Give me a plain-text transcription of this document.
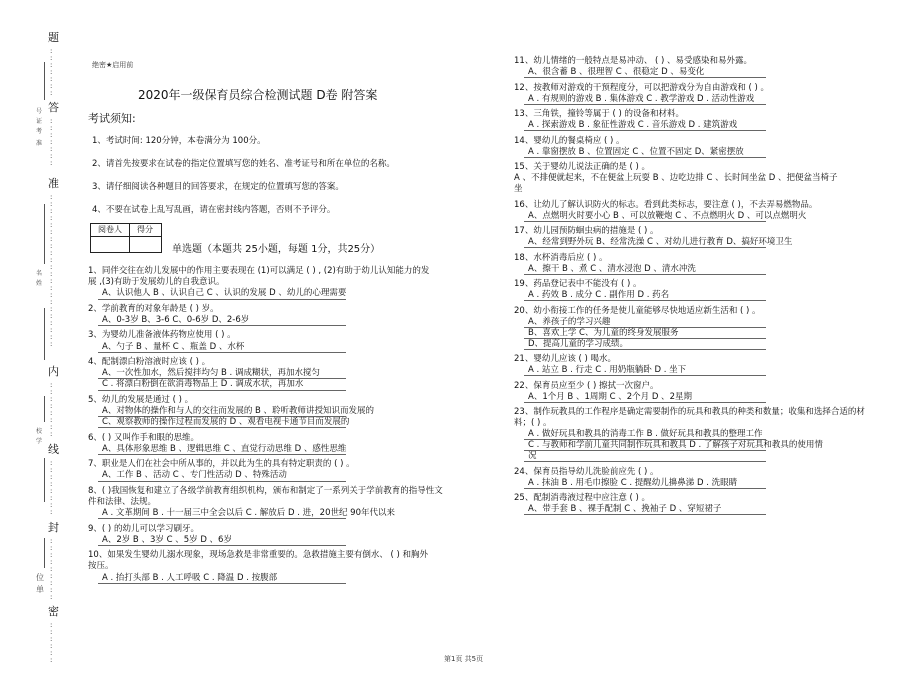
题
答
准
内
线
封
密
号
证
考
准
名
姓
校
学
位
单
:
:
:
:
:
:
:
:
:
:
:
:
:
:
:
:
:
:
:
:
:
:
:
:
:
:
:
:
:
:
:
:
:
:
:
:
:
:
:
:
:
:
:
:
:
:
:
:
:
:
:
:
:
:
:
:
:
:
:
:
:
:
:
:
:
:
:
绝密★启用前
2020年一级保育员综合检测试题 D卷 附答案
考试须知:
1、考试时间: 120分钟，本卷满分为 100分。
2、请首先按要求在试卷的指定位置填写您的姓名、准考证号和所在单位的名称。
3、请仔细阅读各种题目的回答要求，在规定的位置填写您的答案。
4、不要在试卷上乱写乱画，请在密封线内答题，否则不予评分。
阅卷人	得分
单选题（本题共 25小题，每题 1分，共25分）
1、同伴交往在幼儿发展中的作用主要表现在 (1)可以满足 ( ) , (2)有助于幼儿认知能力的发
展 ,(3)有助于发展幼儿的自我意识。
A、认识他人 B 、认识自己 C 、认识的发展 D 、幼儿的心理需要
2、学前教育的对象年龄是 ( ) 岁。
A、0-3岁 B、3-6 C、0-6岁 D、2-6岁
3、为婴幼儿准备液体药物应使用 ( ) 。
A、勺子 B 、量杯 C 、瓶盖 D 、水杯
4、配制漂白粉溶液时应该 ( ) 。
A、一次性加水，然后搅拌均匀 B . 调成糊状，再加水搅匀
C . 将漂白粉倒在欲消毒物品上 D . 调成水状，再加水
5、幼儿的发展是通过 ( ) 。
A、对物体的操作和与人的交往而发展的 B 、聆听教师讲授知识而发展的
C、观察教师的操作过程而发展的 D 、观看电视卡通节目而发展的
6、( ) 又叫作手和眼的思维。
A、具体形象思维 B 、逻辑思维 C 、直觉行动思维 D 、感性思维
7、职业是人们在社会中所从事的，并以此为生的具有特定职责的 ( ) 。
A、工作 B 、活动 C 、专门性活动 D 、特殊活动
8、( )我国恢复和建立了各级学前教育组织机构，颁布和制定了一系列关于学前教育的指导性文
件和法律、法规。
A . 文革期间 B . 十一届三中全会以后 C . 解放后 D . 进，20世纪 90年代以来
9、( ) 的幼儿可以学习刷牙。
A、2岁 B 、3岁 C 、5岁 D 、6岁
10、如果发生婴幼儿溺水现象，现场急救是非常重要的。急救措施主要有倒水、 ( ) 和胸外
按压。
A . 抬打头部 B . 人工呼吸 C . 降温 D . 按腹部
11、幼儿情绪的一般特点是易冲动、 ( ) 、易受感染和易外露。
A、很含蓄 B 、很理智 C 、很稳定 D 、易变化
12、按教师对游戏的干预程度分，可以把游戏分为自由游戏和 ( ) 。
A . 有规则的游戏 B . 集体游戏 C . 教学游戏 D . 活动性游戏
13、三角铁，撞铃等属于 ( ) 的设备和材料。
A . 探索游戏 B . 象征性游戏 C . 音乐游戏 D . 建筑游戏
14、婴幼儿的餐桌椅应 ( ) 。
A . 靠窗摆放 B 、位置固定 C 、位置不固定 D、紧密摆放
15、关于婴幼儿说法正确的是 ( ) 。
A 、不排便就起来，不在便盆上玩耍 B 、边吃边排 C 、长时间坐盆 D 、把便盆当椅子
坐
16、让幼儿了解认识防火的标志。看到此类标志，要注意 ( )，不去弄易燃物品。
A、点燃明火时要小心 B 、可以放鞭炮 C 、不点燃明火 D 、可以点燃明火
17、幼儿园预防蛔虫病的措施是 ( ) 。
A、经常到野外玩 B、经常洗澡 C 、对幼儿进行教育 D、搞好环境卫生
18、水杯消毒后应 ( ) 。
A、擦干 B 、煮 C 、清水浸泡 D 、清水冲洗
19、药品登记表中不能没有 ( ) 。
A . 药效 B . 成分 C . 副作用 D . 药名
20、幼小衔接工作的任务是使儿童能够尽快地适应新生活和 ( ) 。
A、养孩子的学习兴趣
B、喜欢上学 C、为儿童的终身发展服务
D、提高儿童的学习成绩。
21、婴幼儿应该 ( ) 喝水。
A . 站立 B . 行走 C . 用奶瓶躺卧 D . 坐下
22、保育员应至少 ( ) 擦拭一次窗户。
A、1个月 B 、1周期 C 、2个月 D 、2星期
23、制作玩教具的工作程序是确定需要制作的玩具和教具的种类和数量；收集和选择合适的材
料；( ) 。
A . 做好玩具和教具的消毒工作 B . 做好玩具和教具的整理工作
C . 与教师和学前儿童共同制作玩具和教具 D . 了解孩子对玩具和教具的使用情
况
24、保育员指导幼儿洗脸前应先 ( ) 。
A . 抹油 B . 用毛巾擦脸 C . 提醒幼儿擤鼻涕 D . 洗眼睛
25、配制消毒液过程中应注意 ( ) 。
A、带手套 B 、裸手配制 C 、挽袖子 D 、穿短裙子
第1页 共5页
